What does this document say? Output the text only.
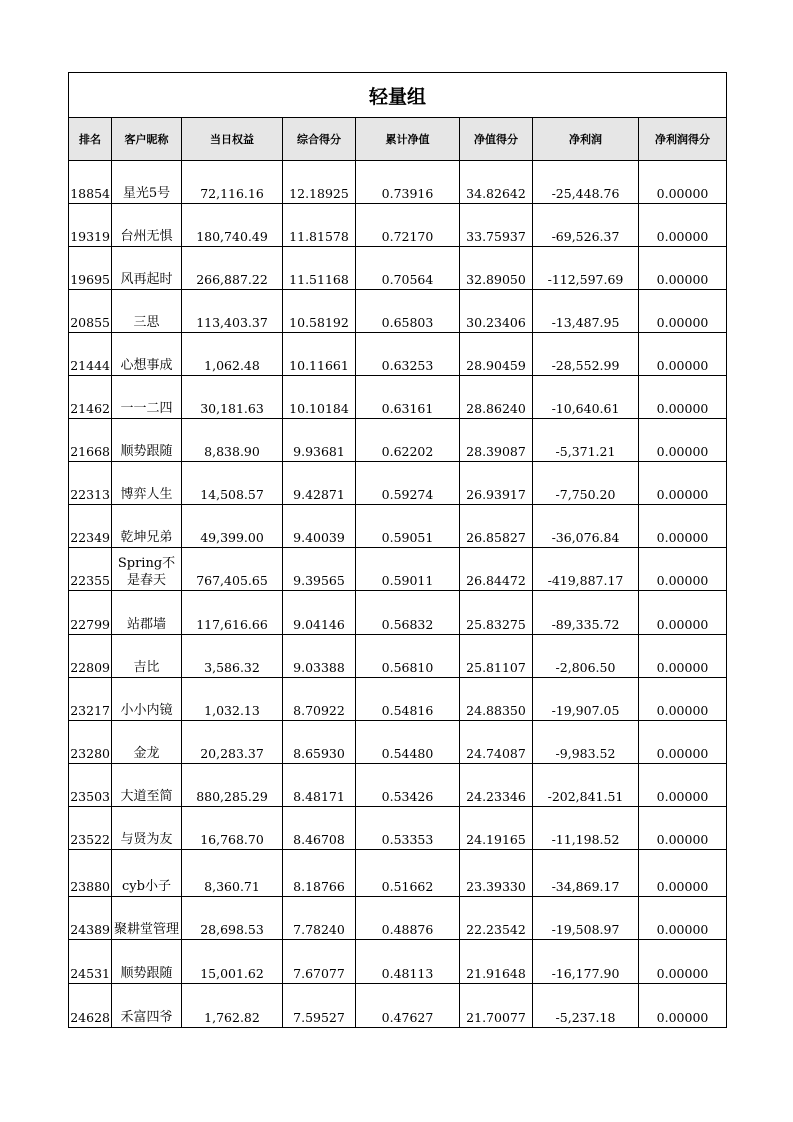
轻量组							
排名	客户昵称	当日权益	综合得分	累计净值	净值得分	净利润	净利润得分
18854	星光5号	72,116.16	12.18925	0.73916	34.82642	-25,448.76	0.00000
19319	台州无惧	180,740.49	11.81578	0.72170	33.75937	-69,526.37	0.00000
19695	风再起时	266,887.22	11.51168	0.70564	32.89050	-112,597.69	0.00000
20855	三思	113,403.37	10.58192	0.65803	30.23406	-13,487.95	0.00000
21444	心想事成	1,062.48	10.11661	0.63253	28.90459	-28,552.99	0.00000
21462	一一二四	30,181.63	10.10184	0.63161	28.86240	-10,640.61	0.00000
21668	顺势跟随	8,838.90	9.93681	0.62202	28.39087	-5,371.21	0.00000
22313	博弈人生	14,508.57	9.42871	0.59274	26.93917	-7,750.20	0.00000
22349	乾坤兄弟	49,399.00	9.40039	0.59051	26.85827	-36,076.84	0.00000
22355	Spring不是春天	767,405.65	9.39565	0.59011	26.84472	-419,887.17	0.00000
22799	站郡墙	117,616.66	9.04146	0.56832	25.83275	-89,335.72	0.00000
22809	吉比	3,586.32	9.03388	0.56810	25.81107	-2,806.50	0.00000
23217	小小内镜	1,032.13	8.70922	0.54816	24.88350	-19,907.05	0.00000
23280	金龙	20,283.37	8.65930	0.54480	24.74087	-9,983.52	0.00000
23503	大道至简	880,285.29	8.48171	0.53426	24.23346	-202,841.51	0.00000
23522	与贤为友	16,768.70	8.46708	0.53353	24.19165	-11,198.52	0.00000
23880	cyb小子	8,360.71	8.18766	0.51662	23.39330	-34,869.17	0.00000
24389	聚耕堂管理	28,698.53	7.78240	0.48876	22.23542	-19,508.97	0.00000
24531	顺势跟随	15,001.62	7.67077	0.48113	21.91648	-16,177.90	0.00000
24628	禾富四爷	1,762.82	7.59527	0.47627	21.70077	-5,237.18	0.00000
